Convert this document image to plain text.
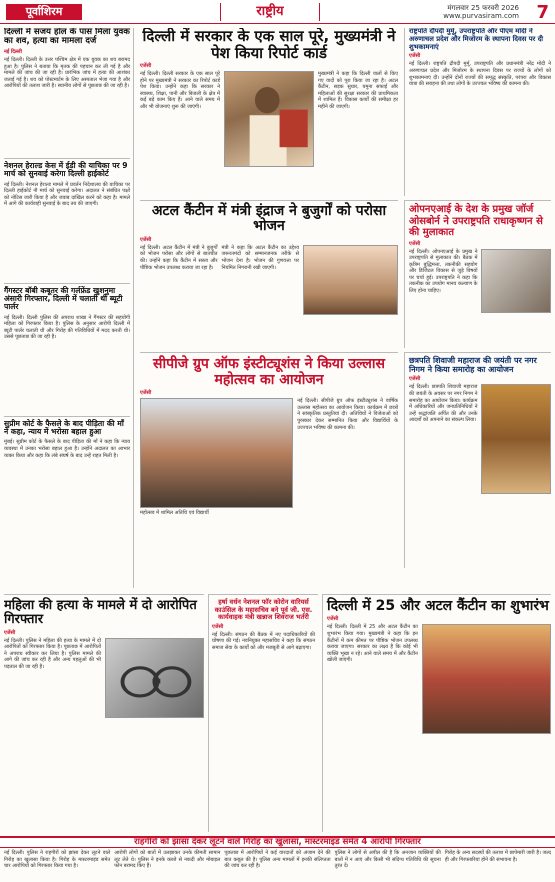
पूर्वाशिरम	राष्ट्रीय	मंगलवार 25 फरवरी 2026
www.purvasiram.com 7
दिल्ली में संजय हॉल के पास मिला युवक का शव, हत्या का मामला दर्ज
नई दिल्ली
नई दिल्ली। दिल्ली के उत्तर पश्चिम क्षेत्र में एक युवक का शव बरामद हुआ है। पुलिस ने बताया कि मृतक की पहचान कर ली गई है और मामले की जांच की जा रही है। प्रारंभिक जांच में हत्या की आशंका जताई गई है। शव को पोस्टमार्टम के लिए अस्पताल भेजा गया है और आरोपियों की तलाश जारी है। स्थानीय लोगों से पूछताछ की जा रही है।
नेशनल हेराल्ड केस में ईडी की याचिका पर 9 मार्च को सुनवाई करेगा दिल्ली हाईकोर्ट
नई दिल्ली। नेशनल हेराल्ड मामले में प्रवर्तन निदेशालय की याचिका पर दिल्ली हाईकोर्ट नौ मार्च को सुनवाई करेगा। अदालत ने संबंधित पक्षों को नोटिस जारी किया है और जवाब दाखिल करने को कहा है। मामले में आगे की कार्यवाही सुनवाई के बाद तय की जाएगी।
गैंगस्टर बॉबी कबूतर की गर्लफ्रेंड खुशनुमा अंसारी गिरफ्तार, दिल्ली में चलाती थी ब्यूटी पार्लर
नई दिल्ली। दिल्ली पुलिस की अपराध शाखा ने गैंगस्टर की सहयोगी महिला को गिरफ्तार किया है। पुलिस के अनुसार आरोपी दिल्ली में ब्यूटी पार्लर चलाती थी और गिरोह की गतिविधियों में मदद करती थी। उससे पूछताछ की जा रही है।
सुप्रीम कोर्ट के फैसले के बाद पीड़िता की माँ ने कहा, न्याय में भरोसा बहाल हुआ
मुंबई। सुप्रीम कोर्ट के फैसले के बाद पीड़िता की माँ ने कहा कि न्याय व्यवस्था में उनका भरोसा बहाल हुआ है। उन्होंने अदालत का आभार व्यक्त किया और कहा कि लंबे संघर्ष के बाद उन्हें राहत मिली है।
दिल्ली में सरकार के एक साल पूरे, मुख्यमंत्री ने पेश किया रिपोर्ट कार्ड
एजेंसी
नई दिल्ली। दिल्ली सरकार के एक साल पूरे होने पर मुख्यमंत्री ने सरकार का रिपोर्ट कार्ड पेश किया। उन्होंने कहा कि सरकार ने स्वास्थ्य, शिक्षा, पानी और बिजली के क्षेत्र में कई बड़े काम किए हैं। आने वाले समय में और भी योजनाएं शुरू की जाएंगी।
मुख्यमंत्री ने कहा कि दिल्ली वालों से किए गए वादों को पूरा किया जा रहा है। अटल कैंटीन, सड़क सुधार, यमुना सफाई और महिलाओं की सुरक्षा सरकार की प्राथमिकता में शामिल हैं। विकास कार्यों की समीक्षा हर महीने की जाएगी।
अटल कैंटीन में मंत्री इंद्राज ने बुजुर्गों को परोसा भोजन
एजेंसी
नई दिल्ली। अटल कैंटीन में मंत्री ने बुजुर्गों को भोजन परोसा और लोगों से बातचीत की। उन्होंने कहा कि कैंटीन में सस्ता और पौष्टिक भोजन उपलब्ध कराया जा रहा है।
मंत्री ने कहा कि अटल कैंटीन का उद्देश्य जरूरतमंदों को सम्मानजनक तरीके से भोजन देना है। भोजन की गुणवत्ता पर नियमित निगरानी रखी जाएगी।
राष्ट्रपति दौपदी मुर्मू, उपराष्ट्रपति और पीएम मोदी ने अरुणाचल प्रदेश और मिजोरम के स्थापना दिवस पर दी शुभकामनाएं
एजेंसी
नई दिल्ली। राष्ट्रपति द्रौपदी मुर्मू, उपराष्ट्रपति और प्रधानमंत्री नरेंद्र मोदी ने अरुणाचल प्रदेश और मिजोरम के स्थापना दिवस पर राज्यों के लोगों को शुभकामनाएं दीं। उन्होंने दोनों राज्यों की समृद्ध संस्कृति, परंपरा और विकास यात्रा की सराहना की तथा लोगों के उज्ज्वल भविष्य की कामना की।
ओपनएआई के देश के प्रमुख जॉर्ज ओसबोर्न ने उपराष्ट्रपति राधाकृष्णन से की मुलाकात
एजेंसी
नई दिल्ली। ओपनएआई के प्रमुख ने उपराष्ट्रपति से मुलाकात की। बैठक में कृत्रिम बुद्धिमत्ता, तकनीकी सहयोग और डिजिटल विकास से जुड़े विषयों पर चर्चा हुई। उपराष्ट्रपति ने कहा कि तकनीक का उपयोग मानव कल्याण के लिए होना चाहिए।
सीपीजे ग्रुप ऑफ इंस्टीट्यूशंस ने किया उल्लास महोत्सव का आयोजन
एजेंसी
नई दिल्ली। सीपीजे ग्रुप ऑफ इंस्टीट्यूशंस ने वार्षिक उल्लास महोत्सव का आयोजन किया। कार्यक्रम में छात्रों ने सांस्कृतिक प्रस्तुतियां दीं। अतिथियों ने विजेताओं को पुरस्कार देकर सम्मानित किया और विद्यार्थियों के उज्ज्वल भविष्य की कामना की।
महोत्सव में शामिल अतिथि एवं विद्यार्थी
छत्रपति शिवाजी महाराज की जयंती पर नगर निगम ने किया समारोह का आयोजन
एजेंसी
नई दिल्ली। छत्रपति शिवाजी महाराज की जयंती के अवसर पर नगर निगम ने समारोह का आयोजन किया। कार्यक्रम में अधिकारियों और जनप्रतिनिधियों ने उन्हें श्रद्धांजलि अर्पित की और उनके आदर्शों को अपनाने का संकल्प लिया।
महिला की हत्या के मामले में दो आरोपित गिरफ्तार
एजेंसी
नई दिल्ली। पुलिस ने महिला की हत्या के मामले में दो आरोपितों को गिरफ्तार किया है। पूछताछ में आरोपितों ने अपराध स्वीकार कर लिया है। पुलिस मामले की आगे की जांच कर रही है और अन्य पहलुओं की भी पड़ताल की जा रही है।
हर्षा वर्धन नेशनल फॉर कोरोन वारियर्स काउंसिल के महासचिव बने पूर्व जी. एस. कार्यवाहक मंत्री खन्नाज शिवराज भर्तरी
एजेंसी
नई दिल्ली। संगठन की बैठक में नए पदाधिकारियों की घोषणा की गई। नवनियुक्त महासचिव ने कहा कि संगठन समाज सेवा के कार्यों को और मजबूती से आगे बढ़ाएगा।
दिल्ली में 25 और अटल कैंटीन का शुभारंभ
एजेंसी
नई दिल्ली। दिल्ली में 25 और अटल कैंटीन का शुभारंभ किया गया। मुख्यमंत्री ने कहा कि इन कैंटीनों में कम कीमत पर पौष्टिक भोजन उपलब्ध कराया जाएगा। सरकार का लक्ष्य है कि कोई भी व्यक्ति भूखा न रहे। आने वाले समय में और कैंटीन खोली जाएंगी।
राहगीरों को झांसा देकर लूटने वाले गिरोह का खुलासा, मास्टरमाइंड समेत 4 आरोपी गिरफ्तार
नई दिल्ली। पुलिस ने राहगीरों को झांसा देकर लूटने वाले गिरोह का खुलासा किया है। गिरोह के मास्टरमाइंड समेत चार आरोपियों को गिरफ्तार किया गया है।
आरोपी लोगों को बातों में उलझाकर उनके कीमती सामान लूट लेते थे। पुलिस ने इनके कब्जे से नकदी और मोबाइल फोन बरामद किए हैं।
पूछताछ में आरोपियों ने कई वारदातों को अंजाम देने की बात कबूल की है। पुलिस अन्य मामलों में इनकी संलिप्तता की जांच कर रही है।
पुलिस ने लोगों से अपील की है कि अनजान व्यक्तियों की बातों में न आएं और किसी भी संदिग्ध गतिविधि की सूचना तुरंत दें।
गिरोह के अन्य सदस्यों की तलाश में छापेमारी जारी है। जल्द ही और गिरफ्तारियां होने की संभावना है।
